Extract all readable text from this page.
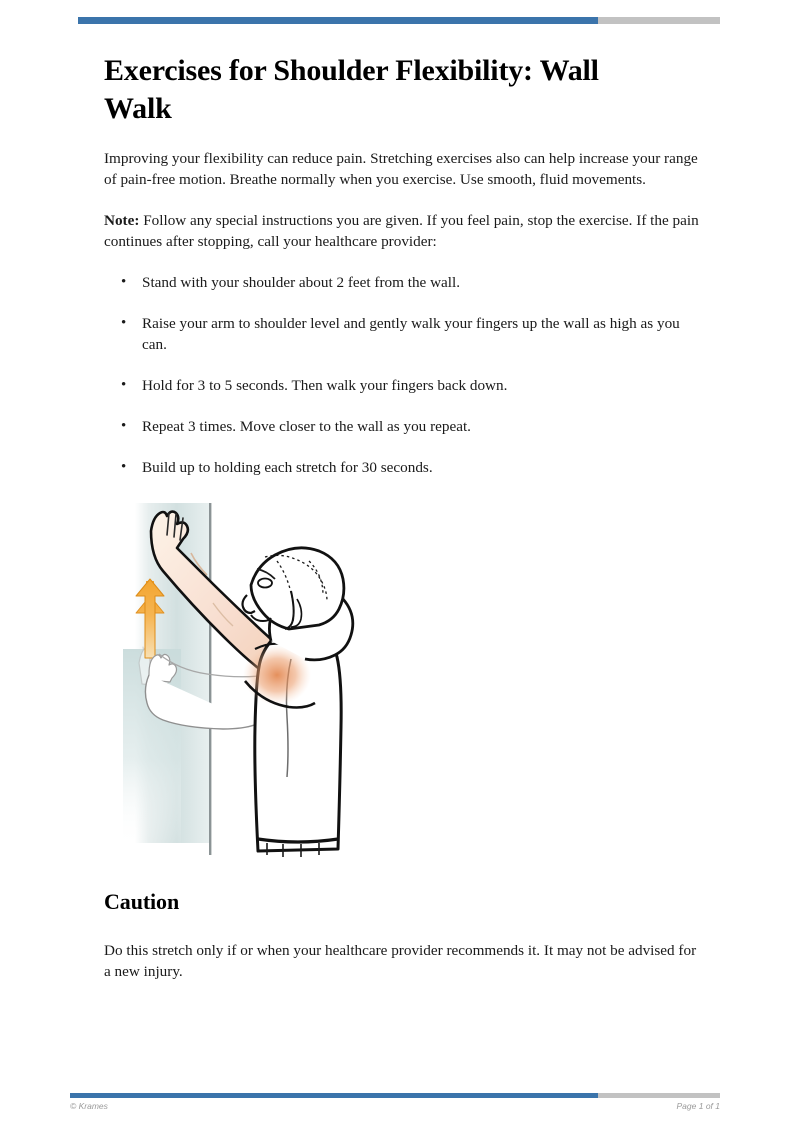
Exercises for Shoulder Flexibility: Wall Walk

Improving your flexibility can reduce pain. Stretching exercises also can help increase your range of pain-free motion. Breathe normally when you exercise. Use smooth, fluid movements.

Note: Follow any special instructions you are given. If you feel pain, stop the exercise. If the pain continues after stopping, call your healthcare provider:

• Stand with your shoulder about 2 feet from the wall.
• Raise your arm to shoulder level and gently walk your fingers up the wall as high as you can.
• Hold for 3 to 5 seconds. Then walk your fingers back down.
• Repeat 3 times. Move closer to the wall as you repeat.
• Build up to holding each stretch for 30 seconds.
Caution

Do this stretch only if or when your healthcare provider recommends it. It may not be advised for a new injury.

© Krames	Page 1 of 1
